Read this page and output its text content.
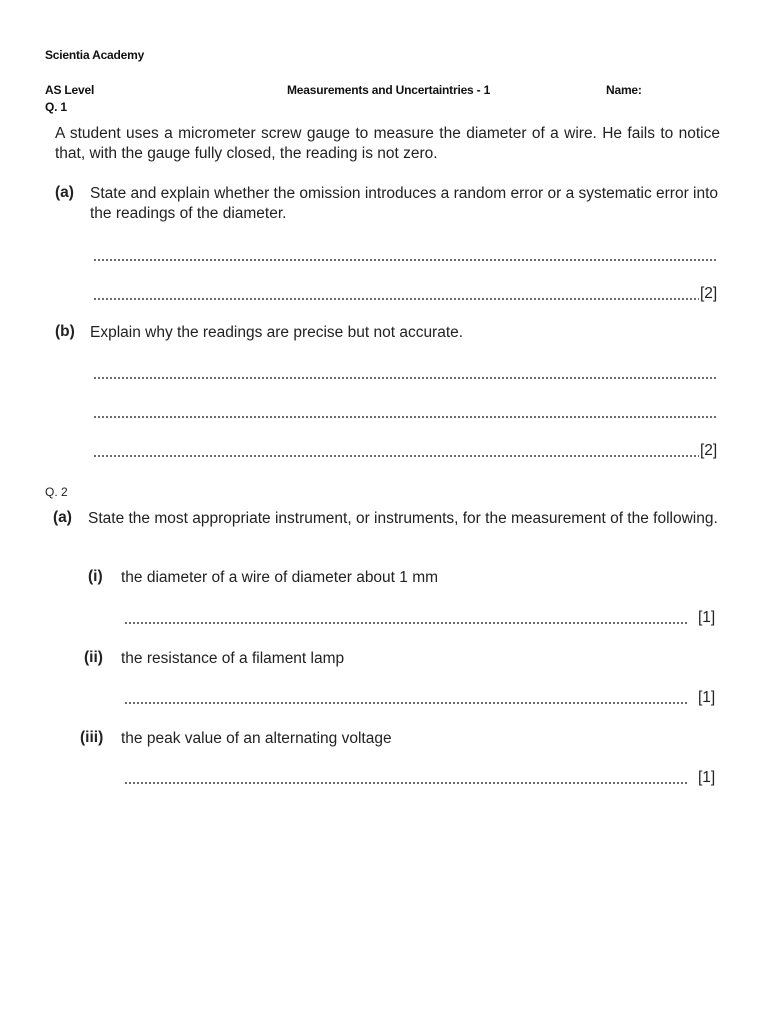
Scientia Academy
AS Level	Measurements and Uncertaintries - 1	Name:
Q. 1
A student uses a micrometer screw gauge to measure the diameter of a wire. He fails to notice that, with the gauge fully closed, the reading is not zero.
(a) State and explain whether the omission introduces a random error or a systematic error into the readings of the diameter.
[2]
(b) Explain why the readings are precise but not accurate.
[2]
Q. 2
(a) State the most appropriate instrument, or instruments, for the measurement of the following.
(i) the diameter of a wire of diameter about 1 mm
[1]
(ii) the resistance of a filament lamp
[1]
(iii) the peak value of an alternating voltage
[1]
